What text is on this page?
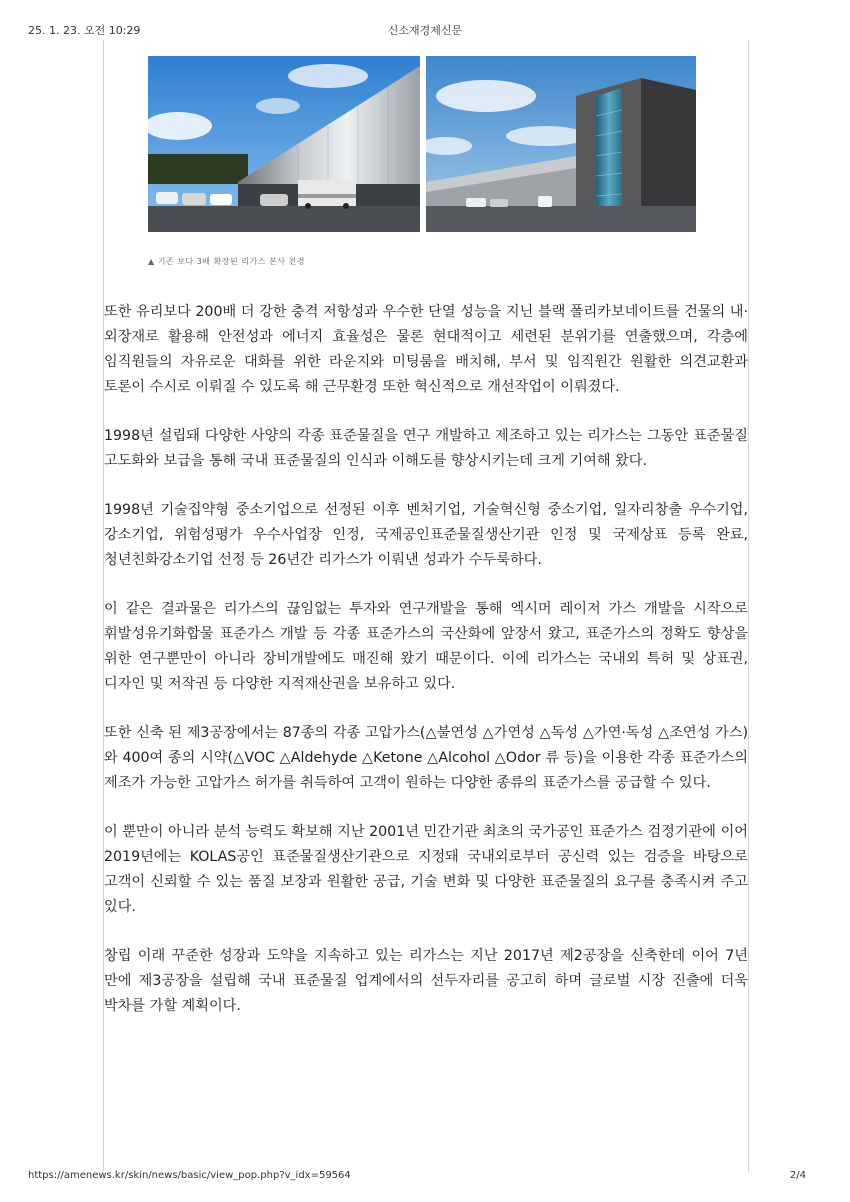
25. 1. 23. 오전 10:29	신소재경제신문
▲ 기존 보다 3배 확장된 리가스 본사 전경

또한 유리보다 200배 더 강한 충격 저항성과 우수한 단열 성능을 지닌 블랙 폴리카보네이트를 건물의 내·외장재로 활용해 안전성과 에너지 효율성은 물론 현대적이고 세련된 분위기를 연출했으며, 각층에 임직원들의 자유로운 대화를 위한 라운지와 미팅룸을 배치해, 부서 및 임직원간 원활한 의견교환과 토론이 수시로 이뤄질 수 있도록 해 근무환경 또한 혁신적으로 개선작업이 이뤄졌다.

1998년 설립돼 다양한 사양의 각종 표준물질을 연구 개발하고 제조하고 있는 리가스는 그동안 표준물질 고도화와 보급을 통해 국내 표준물질의 인식과 이해도를 향상시키는데 크게 기여해 왔다.

1998년 기술집약형 중소기업으로 선정된 이후 벤처기업, 기술혁신형 중소기업, 일자리창출 우수기업, 강소기업, 위험성평가 우수사업장 인정, 국제공인표준물질생산기관 인정 및 국제상표 등록 완료, 청년친화강소기업 선정 등 26년간 리가스가 이뤄낸 성과가 수두룩하다.

이 같은 결과물은 리가스의 끊임없는 투자와 연구개발을 통해 엑시머 레이저 가스 개발을 시작으로 휘발성유기화합물 표준가스 개발 등 각종 표준가스의 국산화에 앞장서 왔고, 표준가스의 정확도 향상을 위한 연구뿐만이 아니라 장비개발에도 매진해 왔기 때문이다. 이에 리가스는 국내외 특허 및 상표권, 디자인 및 저작권 등 다양한 지적재산권을 보유하고 있다.

또한 신축 된 제3공장에서는 87종의 각종 고압가스(△불연성 △가연성 △독성 △가연·독성 △조연성 가스)와 400여 종의 시약(△VOC △Aldehyde △Ketone △Alcohol △Odor 류 등)을 이용한 각종 표준가스의 제조가 가능한 고압가스 허가를 취득하여 고객이 원하는 다양한 종류의 표준가스를 공급할 수 있다.

이 뿐만이 아니라 분석 능력도 확보해 지난 2001년 민간기관 최초의 국가공인 표준가스 검정기관에 이어 2019년에는 KOLAS공인 표준물질생산기관으로 지정돼 국내외로부터 공신력 있는 검증을 바탕으로 고객이 신뢰할 수 있는 품질 보장과 원활한 공급, 기술 변화 및 다양한 표준물질의 요구를 충족시켜 주고 있다.

창립 이래 꾸준한 성장과 도약을 지속하고 있는 리가스는 지난 2017년 제2공장을 신축한데 이어 7년 만에 제3공장을 설립해 국내 표준물질 업계에서의 선두자리를 공고히 하며 글로벌 시장 진출에 더욱 박차를 가할 계획이다.

https://amenews.kr/skin/news/basic/view_pop.php?v_idx=59564	2/4
